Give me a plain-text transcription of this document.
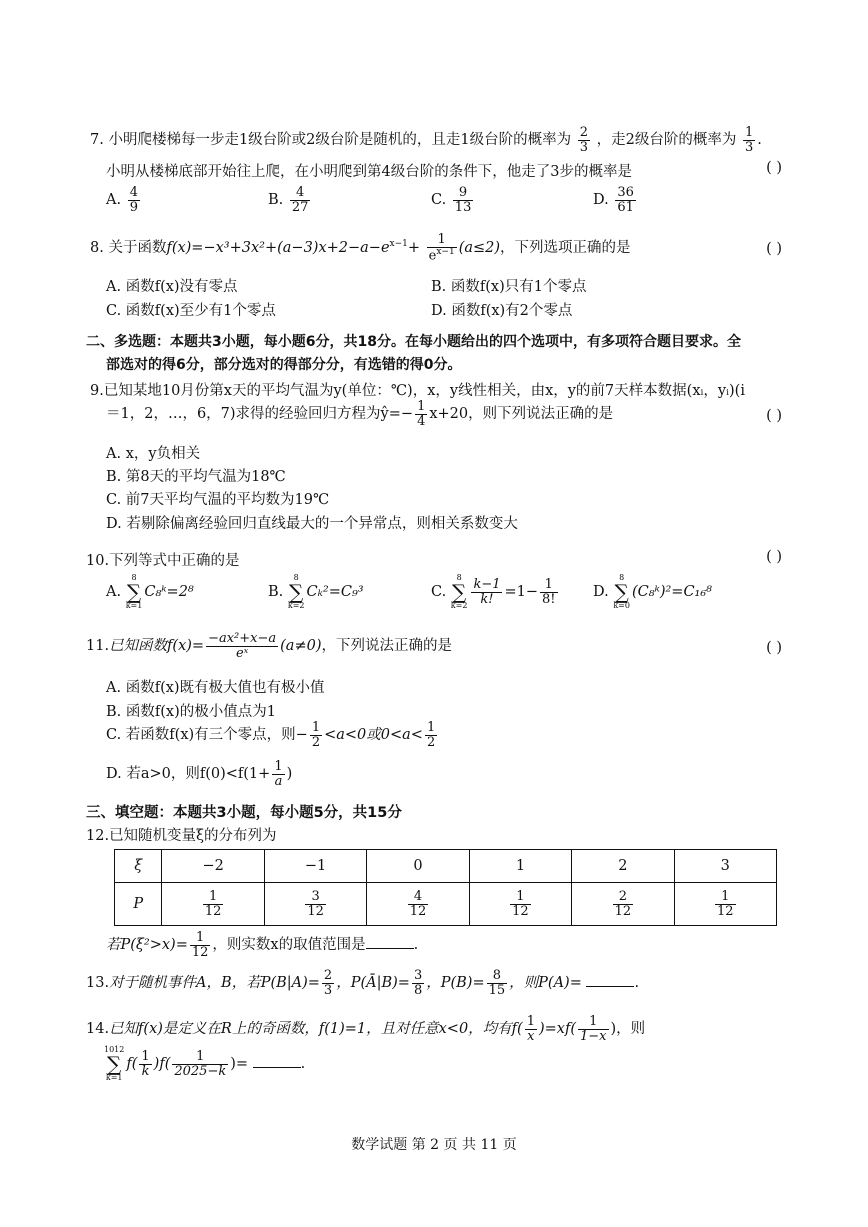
7. 小明爬楼梯每一步走1级台阶或2级台阶是随机的，且走1级台阶的概率为 $\frac{2}{3}$ ，走2级台阶的概率为 $\frac{1}{3}$ .
小明从楼梯底部开始往上爬，在小明爬到第4级台阶的条件下，他走了3步的概率是	( )
A. $\frac{4}{9}$	B. $\frac{4}{27}$	C. $\frac{9}{13}$	D. $\frac{36}{61}$
8. 关于函数$f(x)=-x^3+3x^2+(a-3)x+2-a-e^{x-1}+ \frac{1}{e^{x-1}} (a\le 2)$，下列选项正确的是	( )
A. 函数f(x)没有零点	B. 函数f(x)只有1个零点
C. 函数f(x)至少有1个零点	D. 函数f(x)有2个零点
二、多选题：本题共3小题，每小题6分，共18分。在每小题给出的四个选项中，有多项符合题目要求。全
部选对的得6分，部分选对的得部分分，有选错的得0分。
9.已知某地10月份第x天的平均气温为y(单位：℃)，x，y线性相关，由x，y的前7天样本数据(xᵢ，yᵢ)(i
＝1，2，…，6，7)求得的经验回归方程为ŷ=− $\frac{1}{4} x+20$，则下列说法正确的是	( )
A. x，y负相关
B. 第8天的平均气温为18℃
C. 前7天平均气温的平均数为19℃
D. 若剔除偏离经验回归直线最大的一个异常点，则相关系数变大
10.下列等式中正确的是	( )
A.
8
∑
k=1
C₈ᵏ=2⁸	B.
8
∑
k=2
Cₖ²=C₉³	C.
8
∑
$k=2 \frac{k-1}{k!} =1- \frac{1}{8!} D$.
8
∑
k=0
(C₈ᵏ)²=C₁₆⁸
11.已知函数$f(x)= \frac{\text{−ax²+x−a}}{\text{eˣ}} (a\ne 0)$，下列说法正确的是	( )
A. 函数f(x)既有极大值也有极小值
B. 函数f(x)的极小值点为1
C. 若函数f(x)有三个零点，则− $\frac{1}{2} <a<0$或$0<a< \frac{1}{2}$
D. 若a>0，则$f(0)<f(1+ \frac{1}{a}$ )
三、填空题：本题共3小题，每小题5分，共15分
12.已知随机变量ξ的分布列为
ξ	−2	−1	0	1	2	3
P	$\frac{1}{12}$	$\frac{3}{12}$	$\frac{4}{12}$	$\frac{1}{12}$	$\frac{2}{12}$	$\frac{1}{12}$
若$P(\xi^2>x)= \frac{1}{12}$ ，则实数x的取值范围是	.
13.对于随机事件A，B，若$P(B|A)= \frac{2}{3}$ ，P(Ā|B)= $\frac{3}{8}$ ，$P(B)= \frac{8}{15}$ ，则P(A)=	.
14.已知f(x)是定义在R上的奇函数，f(1)=1，且对任意x<0，均有$f( \frac{1}{x} )=xf( \frac{1}{1-x}$ )，则
1012
∑
k=1
$f( \frac{1}{k} )f( \frac{1}{2025-k}$ )=	.
数学试题 第 2 页 共 11 页
